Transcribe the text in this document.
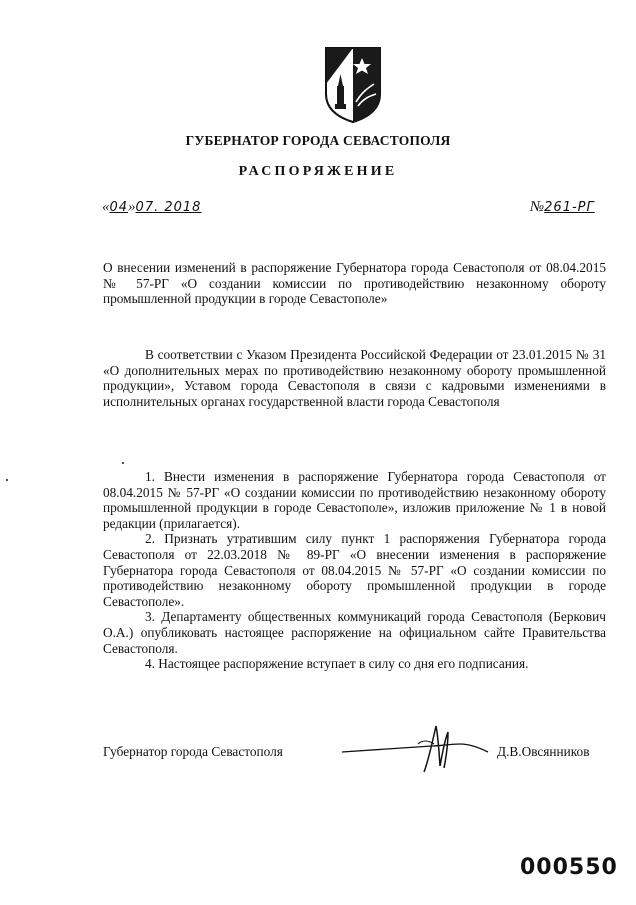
ГУБЕРНАТОР ГОРОДА СЕВАСТОПОЛЯ
РАСПОРЯЖЕНИЕ
«04»07. 2018	№261-РГ
О внесении изменений в распоряжение Губернатора города Севастополя от 08.04.2015 № 57-РГ «О создании комиссии по противодействию незаконному обороту промышленной продукции в городе Севастополе»
В соответствии с Указом Президента Российской Федерации от 23.01.2015 № 31 «О дополнительных мерах по противодействию незаконному обороту промышленной продукции», Уставом города Севастополя в связи с кадровыми изменениями в исполнительных органах государственной власти города Севастополя

1. Внести изменения в распоряжение Губернатора города Севастополя от 08.04.2015 № 57-РГ «О создании комиссии по противодействию незаконному обороту промышленной продукции в городе Севастополе», изложив приложение № 1 в новой редакции (прилагается).

2. Признать утратившим силу пункт 1 распоряжения Губернатора города Севастополя от 22.03.2018 № 89-РГ «О внесении изменения в распоряжение Губернатора города Севастополя от 08.04.2015 № 57-РГ «О создании комиссии по противодействию незаконному обороту промышленной продукции в городе Севастополе».

3. Департаменту общественных коммуникаций города Севастополя (Беркович О.А.) опубликовать настоящее распоряжение на официальном сайте Правительства Севастополя.

4. Настоящее распоряжение вступает в силу со дня его подписания.

Губернатор города Севастополя	Д.В.Овсянников
000550
